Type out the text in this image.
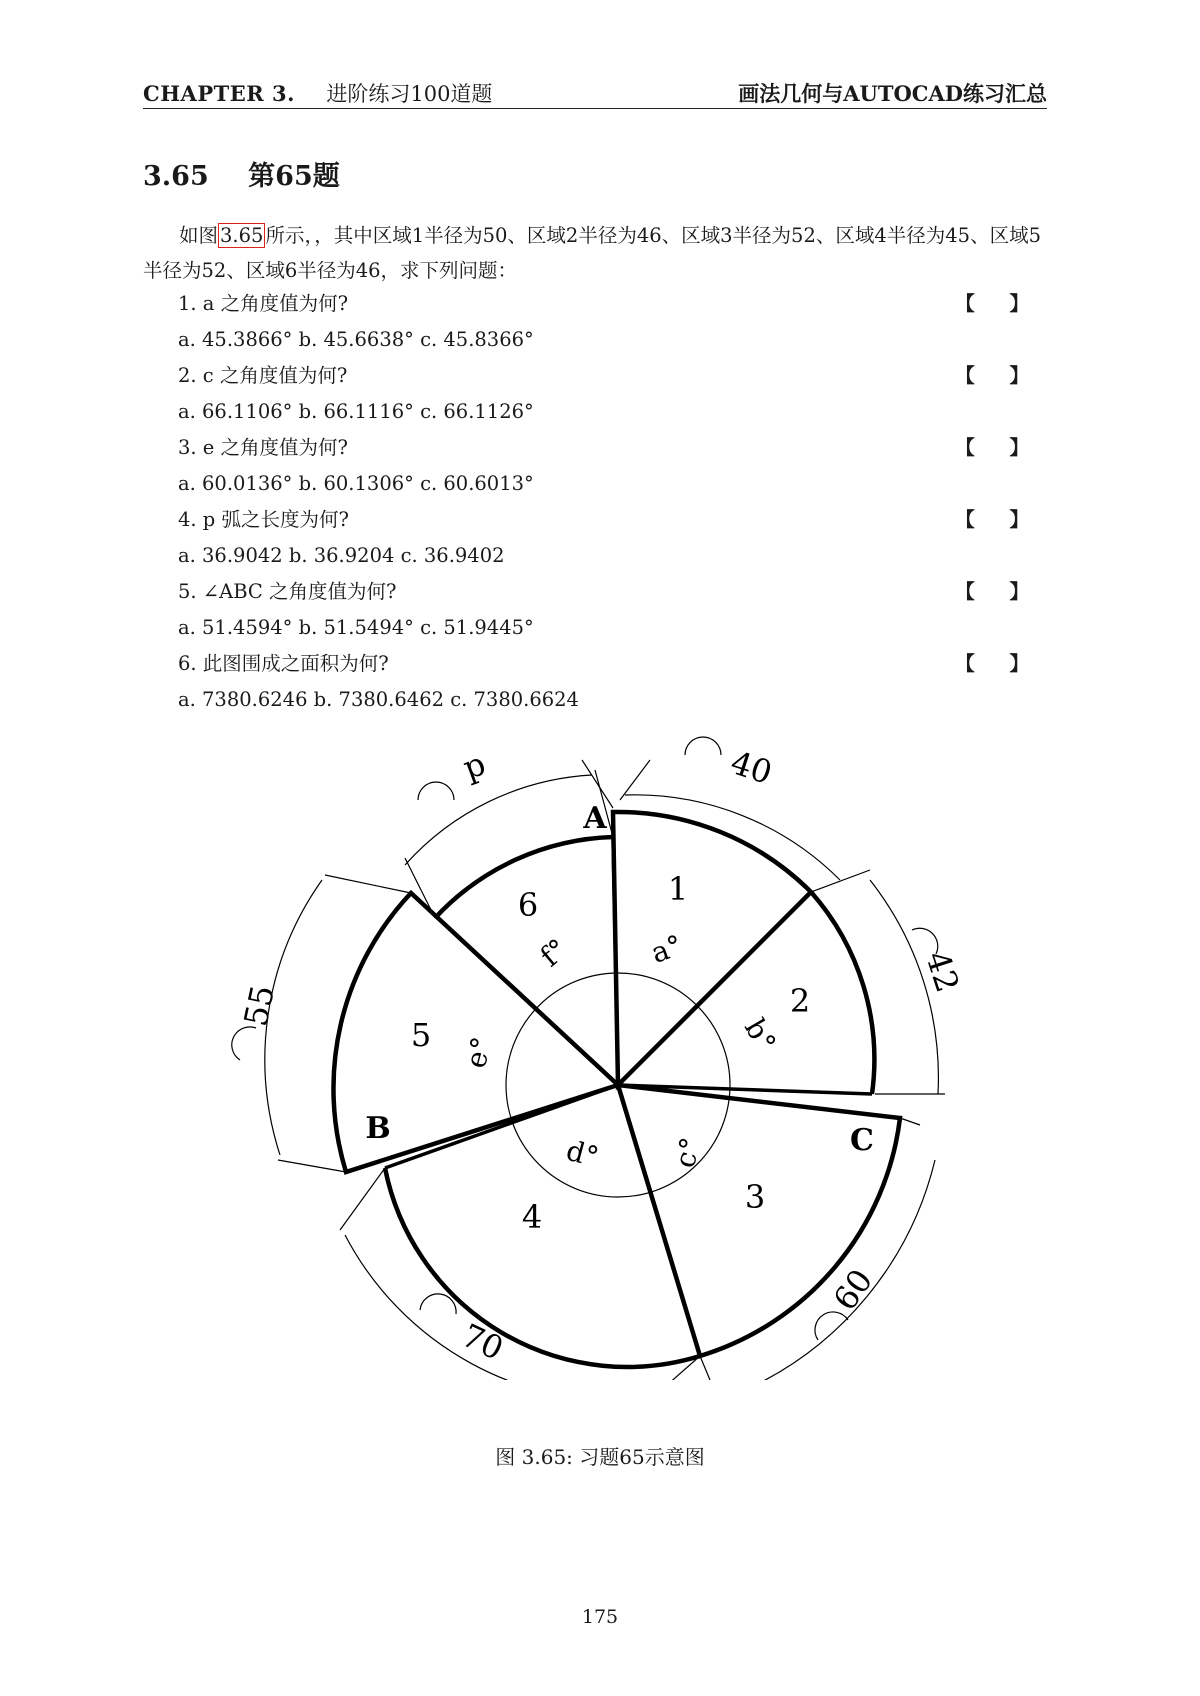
CHAPTER 3. 进阶练习100道题	画法几何与AUTOCAD练习汇总
3.65 第65题
如图 3.65 所示，，其中区域1半径为50、区域2半径为46、区域3半径为52、区域4半径为45、区域5半径为52、区域6半径为46，求下列问题：
1. a 之角度值为何?	【 】
a. 45.3866° b. 45.6638° c. 45.8366°
2. c 之角度值为何?	【 】
a. 66.1106° b. 66.1116° c. 66.1126°
3. e 之角度值为何?	【 】
a. 60.0136° b. 60.1306° c. 60.6013°
4. p 弧之长度为何?	【 】
a. 36.9042 b. 36.9204 c. 36.9402
5. ∠ABC 之角度值为何?	【 】
a. 51.4594° b. 51.5494° c. 51.9445°
6. 此图围成之面积为何?	【 】
a. 7380.6246 b. 7380.6462 c. 7380.6624
1
2
3
4
5
6
a°
b°
c°
d°
e°
f°
A
B	C
40
42
60
70
55
p
图 3.65: 习题65示意图
175
